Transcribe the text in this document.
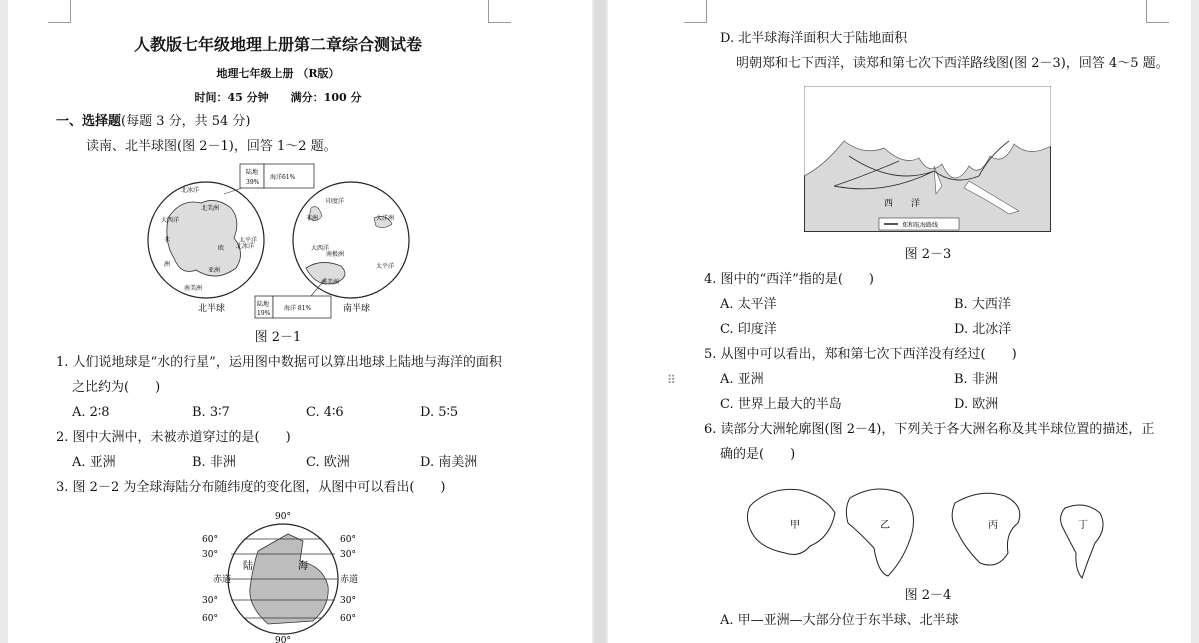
人教版七年级地理上册第二章综合测试卷
地理七年级上册 （R版）
时间：45 分钟　　满分：100 分
一、选择题(每题 3 分，共 54 分)
读南、北半球图(图 2－1)，回答 1～2 题。
陆地
39%
海洋61%
陆地
19%
海洋 81%
北半球	南半球
北冰洋
北美洲
大西洋
非
洲
北冰洋
欧
亚洲
太平洋
南美洲
印度洋
非洲	大洋洲
大西洋
南极洲
太平洋
南美洲
图 2－1
1. 人们说地球是“水的行星”，运用图中数据可以算出地球上陆地与海洋的面积
之比约为(　　)
A. 2∶8	B. 3∶7	C. 4∶6	D. 5∶5
2. 图中大洲中，未被赤道穿过的是(　　)
A. 亚洲	B. 非洲	C. 欧洲	D. 南美洲
3. 图 2－2 为全球海陆分布随纬度的变化图，从图中可以看出(　　)
90°
90°
陆	海
60°
30°
赤道
30°
60°
60°
30°
赤道
30°
60°
D. 北半球海洋面积大于陆地面积
明朝郑和七下西洋，读郑和第七次下西洋路线图(图 2－3)，回答 4～5 题。
西　　洋
郑和航海路线
图 2－3
4. 图中的“西洋”指的是(　　)
A. 太平洋	B. 大西洋
C. 印度洋	D. 北冰洋
5. 从图中可以看出，郑和第七次下西洋没有经过(　　)
A. 亚洲	B. 非洲
C. 世界上最大的半岛	D. 欧洲
6. 读部分大洲轮廓图(图 2－4)，下列关于各大洲名称及其半球位置的描述，正
确的是(　　)
甲	乙	丙	丁
图 2－4
A. 甲—亚洲—大部分位于东半球、北半球
⠿
